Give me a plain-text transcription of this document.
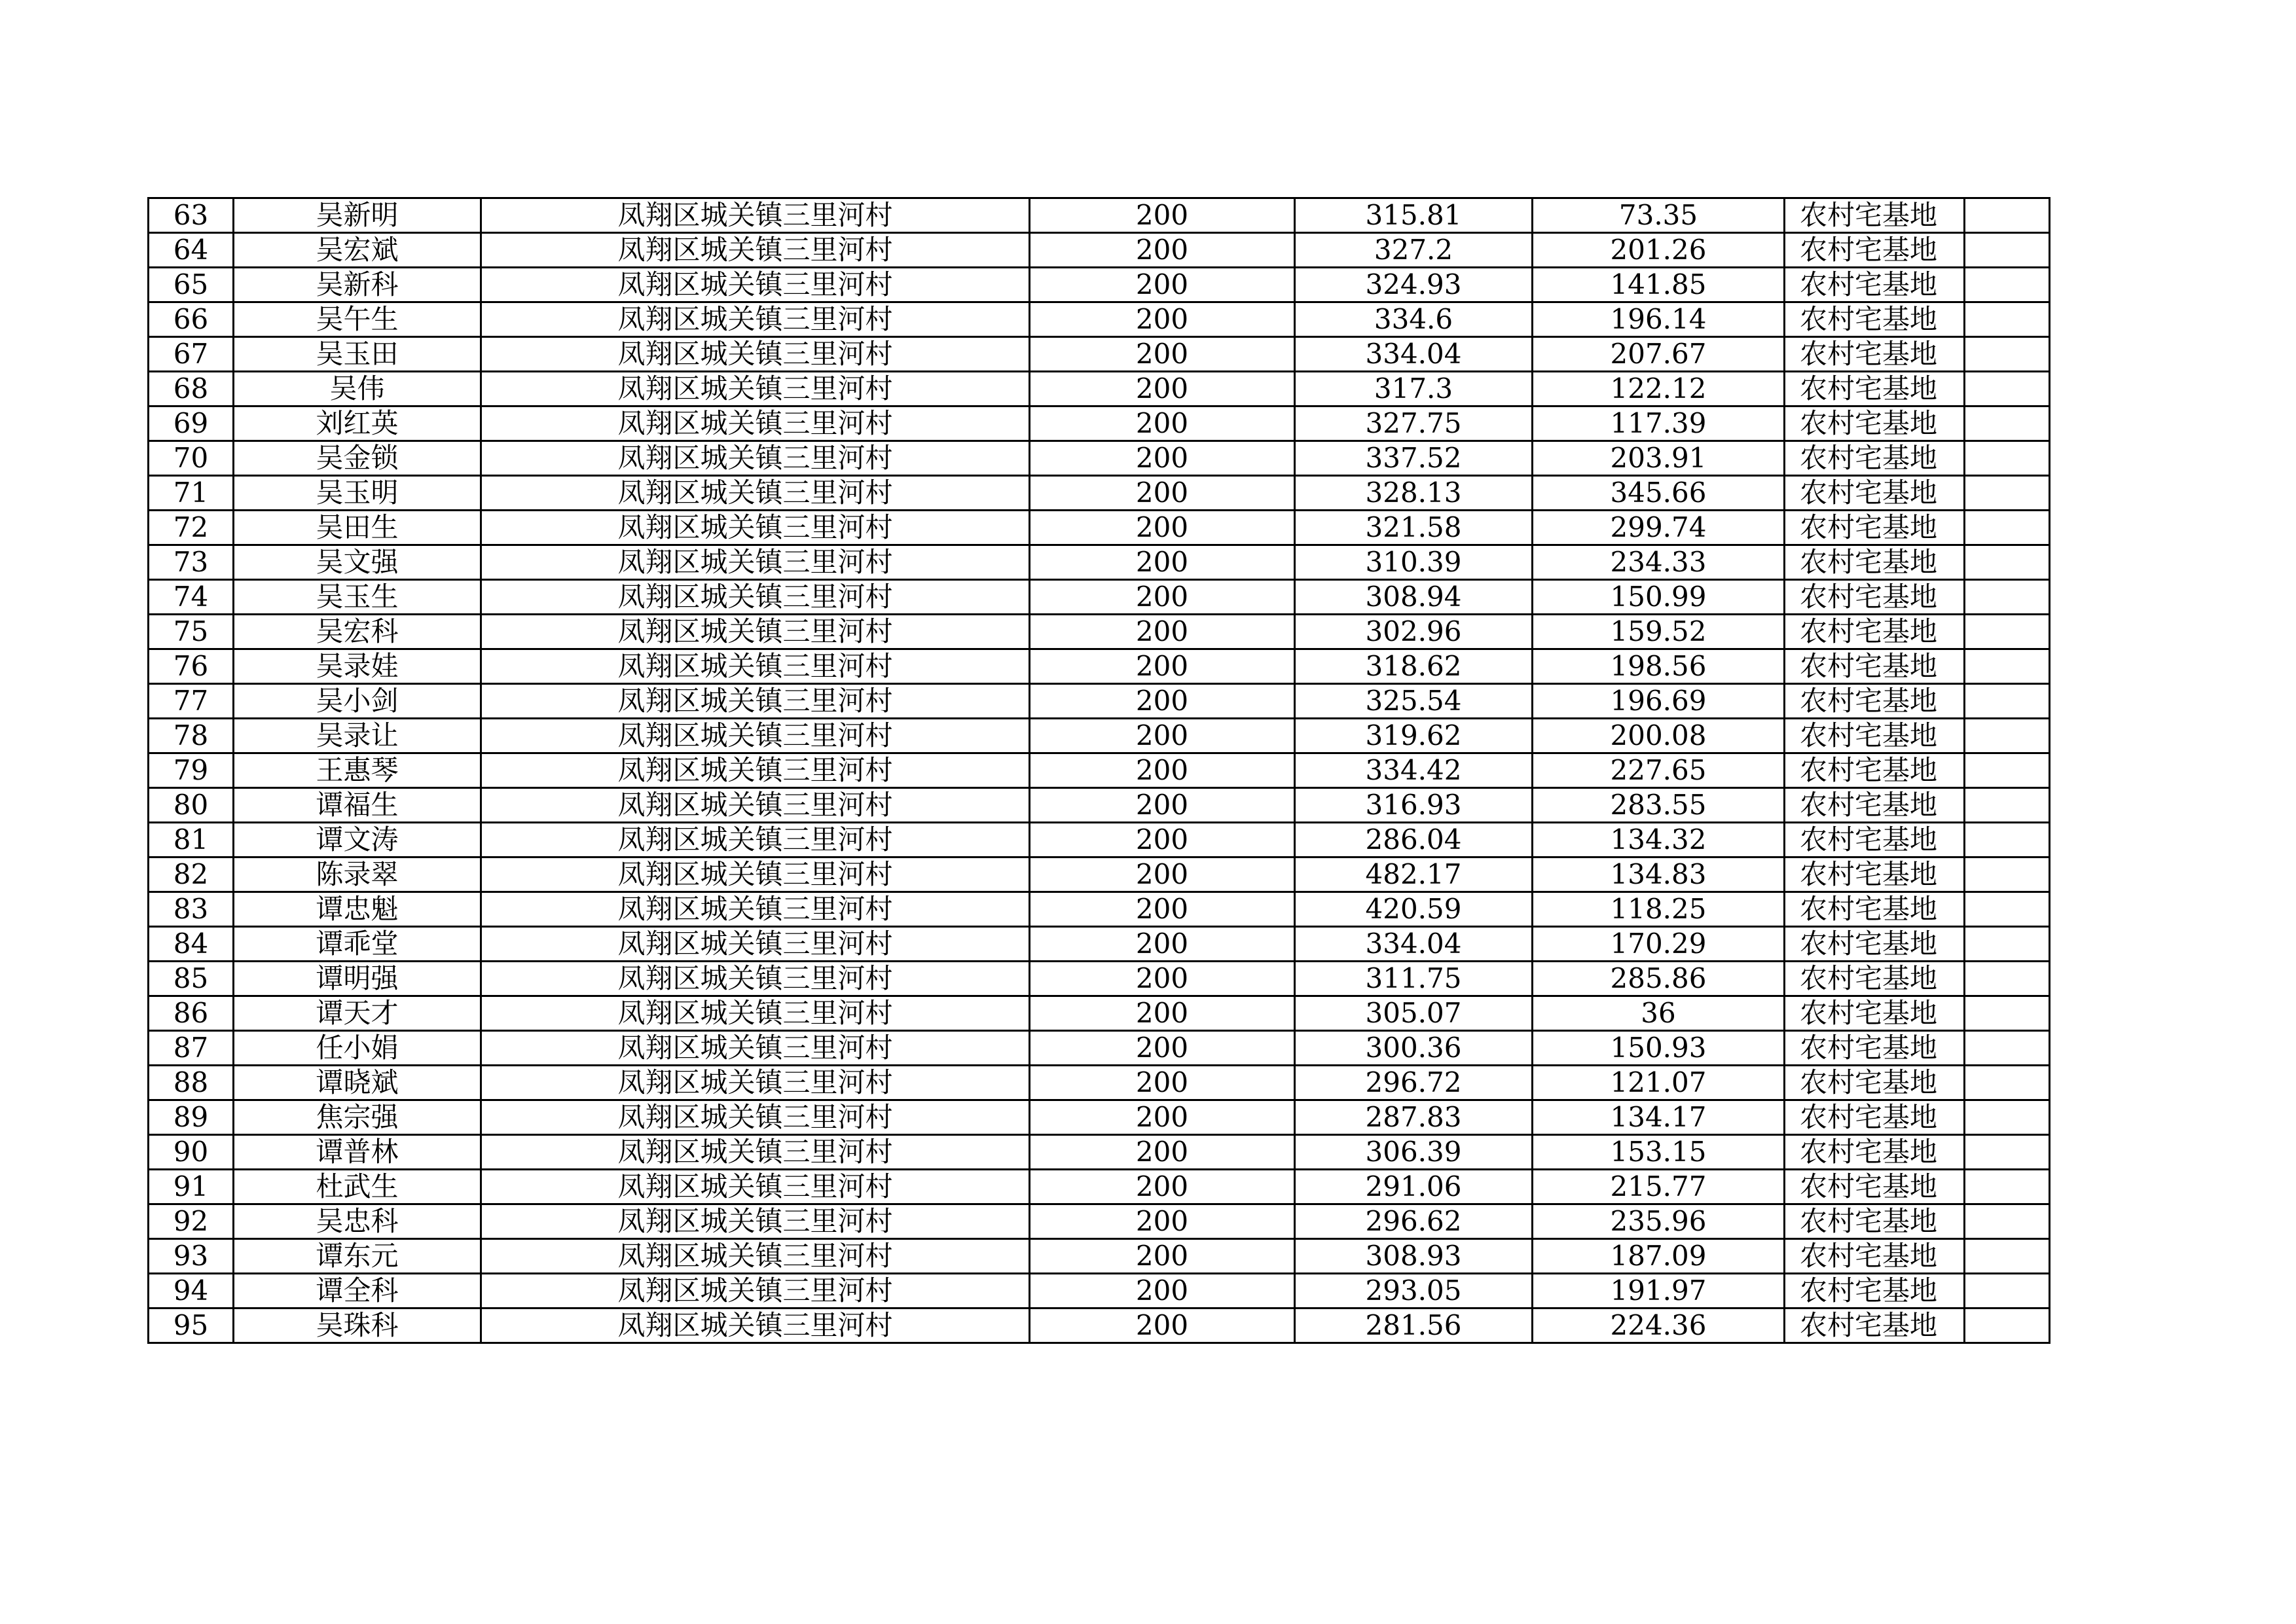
63	吴新明	凤翔区城关镇三里河村	200	315.81	73.35	农村宅基地	
64	吴宏斌	凤翔区城关镇三里河村	200	327.2	201.26	农村宅基地	
65	吴新科	凤翔区城关镇三里河村	200	324.93	141.85	农村宅基地	
66	吴午生	凤翔区城关镇三里河村	200	334.6	196.14	农村宅基地	
67	吴玉田	凤翔区城关镇三里河村	200	334.04	207.67	农村宅基地	
68	吴伟	凤翔区城关镇三里河村	200	317.3	122.12	农村宅基地	
69	刘红英	凤翔区城关镇三里河村	200	327.75	117.39	农村宅基地	
70	吴金锁	凤翔区城关镇三里河村	200	337.52	203.91	农村宅基地	
71	吴玉明	凤翔区城关镇三里河村	200	328.13	345.66	农村宅基地	
72	吴田生	凤翔区城关镇三里河村	200	321.58	299.74	农村宅基地	
73	吴文强	凤翔区城关镇三里河村	200	310.39	234.33	农村宅基地	
74	吴玉生	凤翔区城关镇三里河村	200	308.94	150.99	农村宅基地	
75	吴宏科	凤翔区城关镇三里河村	200	302.96	159.52	农村宅基地	
76	吴录娃	凤翔区城关镇三里河村	200	318.62	198.56	农村宅基地	
77	吴小剑	凤翔区城关镇三里河村	200	325.54	196.69	农村宅基地	
78	吴录让	凤翔区城关镇三里河村	200	319.62	200.08	农村宅基地	
79	王惠琴	凤翔区城关镇三里河村	200	334.42	227.65	农村宅基地	
80	谭福生	凤翔区城关镇三里河村	200	316.93	283.55	农村宅基地	
81	谭文涛	凤翔区城关镇三里河村	200	286.04	134.32	农村宅基地	
82	陈录翠	凤翔区城关镇三里河村	200	482.17	134.83	农村宅基地	
83	谭忠魁	凤翔区城关镇三里河村	200	420.59	118.25	农村宅基地	
84	谭乖堂	凤翔区城关镇三里河村	200	334.04	170.29	农村宅基地	
85	谭明强	凤翔区城关镇三里河村	200	311.75	285.86	农村宅基地	
86	谭天才	凤翔区城关镇三里河村	200	305.07	36	农村宅基地	
87	任小娟	凤翔区城关镇三里河村	200	300.36	150.93	农村宅基地	
88	谭晓斌	凤翔区城关镇三里河村	200	296.72	121.07	农村宅基地	
89	焦宗强	凤翔区城关镇三里河村	200	287.83	134.17	农村宅基地	
90	谭普林	凤翔区城关镇三里河村	200	306.39	153.15	农村宅基地	
91	杜武生	凤翔区城关镇三里河村	200	291.06	215.77	农村宅基地	
92	吴忠科	凤翔区城关镇三里河村	200	296.62	235.96	农村宅基地	
93	谭东元	凤翔区城关镇三里河村	200	308.93	187.09	农村宅基地	
94	谭全科	凤翔区城关镇三里河村	200	293.05	191.97	农村宅基地	
95	吴珠科	凤翔区城关镇三里河村	200	281.56	224.36	农村宅基地	
